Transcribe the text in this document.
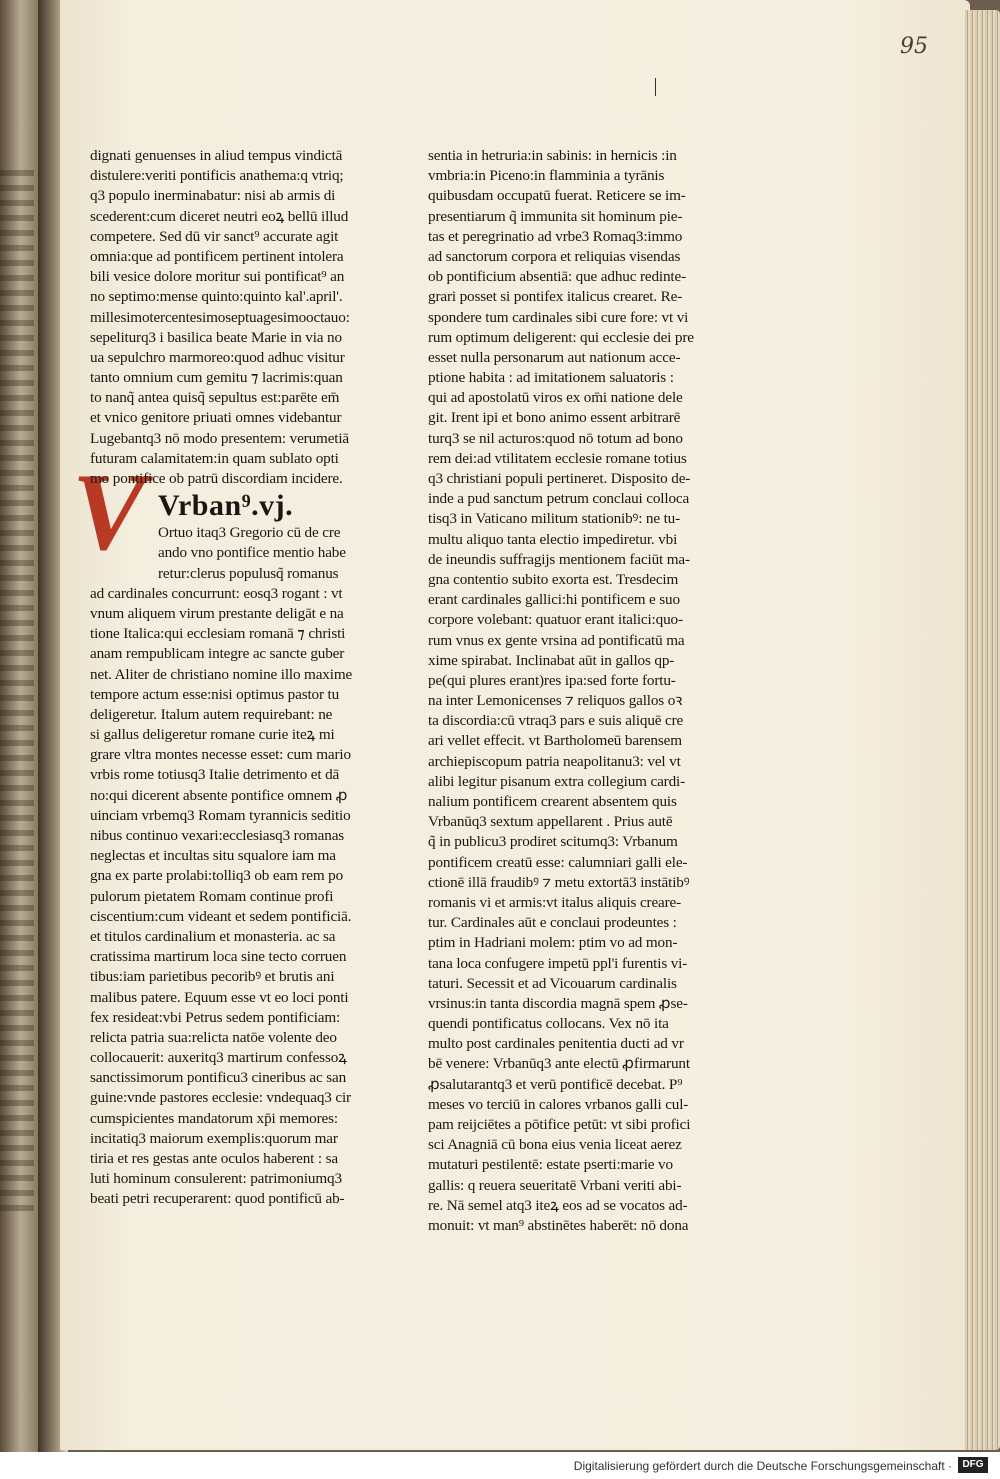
95
V
dignati genuenses in aliud tempus vindictā
distulere:veriti pontificis anathema:q vtriq;
q3 populo inerminabatur: nisi ab armis di
scederent:cum diceret neutri eoꝝ bellū illud
competere. Sed dū vir sanct⁹ accurate agit
omnia:que ad pontificem pertinent intolera
bili vesice dolore moritur sui pontificat⁹ an
no septimo:mense quinto:quinto kal'.april'.
millesimotercentesimoseptuagesimooctauo:
sepeliturq3 i basilica beate Marie in via no
ua sepulchro marmoreo:quod adhuc visitur
tanto omnium cum gemitu ⁊ lacrimis:quan
to nanq̃ antea quisq̃ sepultus est:parēte em̄
et vnico genitore priuati omnes videbantur
Lugebantq3 nō modo presentem: verumetiā
futuram calamitatem:in quam sublato opti
mo pontifice ob patrū discordiam incidere.
Vrban⁹.vj.
Ortuo itaq3 Gregorio cū de cre
ando vno pontifice mentio habe
retur:clerus populusq̃ romanus
ad cardinales concurrunt: eosq3 rogant : vt
vnum aliquem virum prestante deligāt e na
tione Italica:qui ecclesiam romanā ⁊ christi
anam rempublicam integre ac sancte guber
net. Aliter de christiano nomine illo maxime
tempore actum esse:nisi optimus pastor tu
deligeretur. Italum autem requirebant: ne
si gallus deligeretur romane curie iteꝝ mi
grare vltra montes necesse esset: cum mario
vrbis rome totiusq3 Italie detrimento et dā
no:qui dicerent absente pontifice omnem ꝓ
uinciam vrbemq3 Romam tyrannicis seditio
nibus continuo vexari:ecclesiasq3 romanas
neglectas et incultas situ squalore iam ma
gna ex parte prolabi:tolliq3 ob eam rem po
pulorum pietatem Romam continue profi
ciscentium:cum videant et sedem pontificiā.
et titulos cardinalium et monasteria. ac sa
cratissima martirum loca sine tecto corruen
tibus:iam parietibus pecoribꝰ et brutis ani
malibus patere. Equum esse vt eo loci ponti
fex resideat:vbi Petrus sedem pontificiam:
relicta patria sua:relicta natōe volente deo
collocauerit: auxeritq3 martirum confessoꝝ
sanctissimorum pontificu3 cineribus ac san
guine:vnde pastores ecclesie: vndequaq3 cir
cumspicientes mandatorum xp̄i memores:
incitatiq3 maiorum exemplis:quorum mar
tiria et res gestas ante oculos haberent : sa
luti hominum consulerent: patrimoniumq3
beati petri recuperarent: quod pontificū ab-
sentia in hetruria:in sabinis: in hernicis :in
vmbria:in Piceno:in flamminia a tyrānis
quibusdam occupatū fuerat. Reticere se im-
presentiarum q̃ immunita sit hominum pie-
tas et peregrinatio ad vrbe3 Romaq3:immo
ad sanctorum corpora et reliquias visendas
ob pontificium absentiā: que adhuc redinte-
grari posset si pontifex italicus crearet. Re-
spondere tum cardinales sibi cure fore: vt vi
rum optimum deligerent: qui ecclesie dei pre
esset nulla personarum aut nationum acce-
ptione habita : ad imitationem saluatoris :
qui ad apostolatū viros ex om̄i natione dele
git. Irent ipi et bono animo essent arbitrarē
turq3 se nil acturos:quod nō totum ad bono
rem dei:ad vtilitatem ecclesie romane totius
q3 christiani populi pertineret. Disposito de-
inde a pud sanctum petrum conclaui colloca
tisq3 in Vaticano militum stationibꝰ: ne tu-
multu aliquo tanta electio impediretur. vbi
de ineundis suffragijs mentionem faciūt ma-
gna contentio subito exorta est. Tresdecim
erant cardinales gallici:hi pontificem e suo
corpore volebant: quatuor erant italici:quo-
rum vnus ex gente vrsina ad pontificatū ma
xime spirabat. Inclinabat aūt in gallos qp-
pe(qui plures erant)res ipa:sed forte fortu-
na inter Lemonicenses ⁊ reliquos gallos oꝛ
ta discordia:cū vtraq3 pars e suis aliquē cre
ari vellet effecit. vt Bartholomeū barensem
archiepiscopum patria neapolitanu3: vel vt
alibi legitur pisanum extra collegium cardi-
nalium pontificem crearent absentem quis
Vrbanūq3 sextum appellarent . Prius autē
q̃ in publicu3 prodiret scitumq3: Vrbanum
pontificem creatū esse: calumniari galli ele-
ctionē illā fraudibꝰ ⁊ metu extortā3 instātibꝰ
romanis vi et armis:vt italus aliquis creare-
tur. Cardinales aūt e conclaui prodeuntes :
ptim in Hadriani molem: ptim vo ad mon-
tana loca confugere impetū ppl'i furentis vi-
taturi. Secessit et ad Vicouarum cardinalis
vrsinus:in tanta discordia magnā spem ꝓse-
quendi pontificatus collocans. Vex nō ita
multo post cardinales penitentia ducti ad vr
bē venere: Vrbanūq3 ante electū ꝓfirmarunt
ꝓsalutarantq3 et verū pontificē decebat. P⁹
meses vo terciū in calores vrbanos galli cul-
pam reijciētes a pōtifice petūt: vt sibi profici
sci Anagniā cū bona eius venia liceat aerez
mutaturi pestilentē: estate pserti:marie vo
gallis: q reuera seueritatē Vrbani veriti abi-
re. Nā semel atq3 iteꝝ eos ad se vocatos ad-
monuit: vt man⁹ abstinētes haberēt: nō dona
Digitalisierung gefördert durch die Deutsche Forschungsgemeinschaft ·	DFG
